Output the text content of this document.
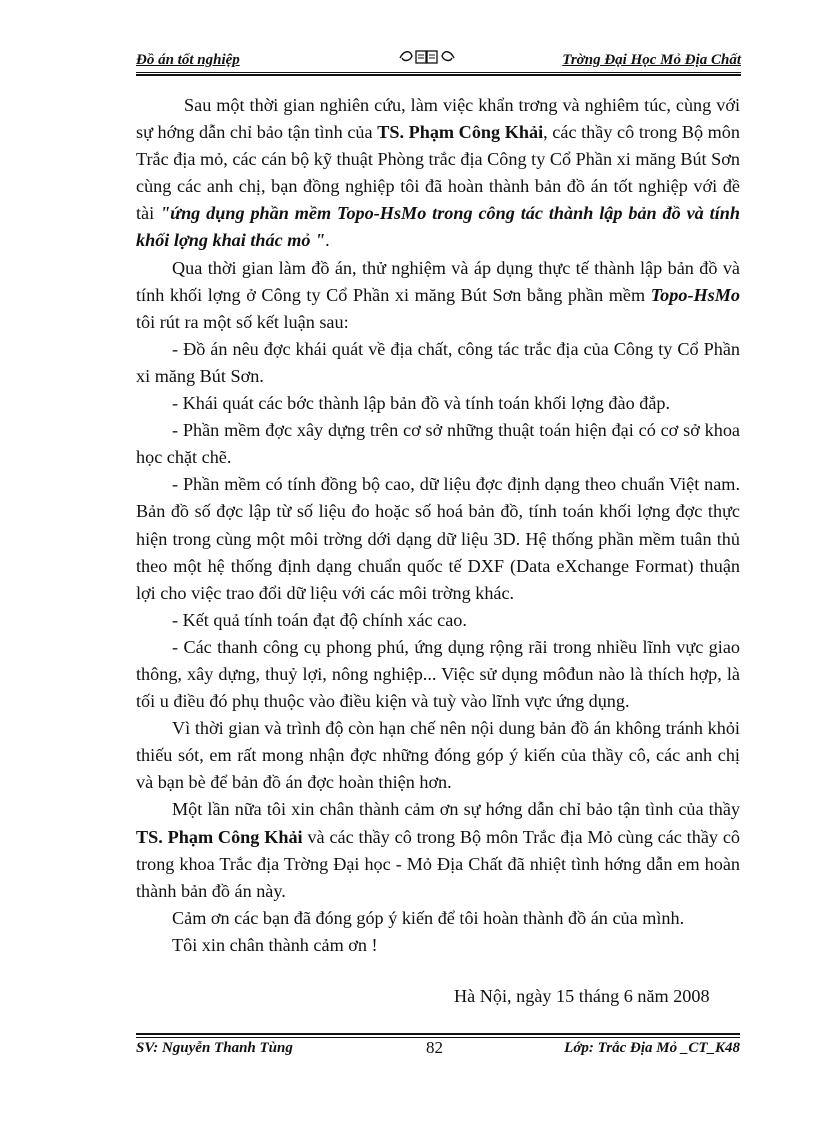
Đồ án tốt nghiệp	Trờng Đại Học Mỏ Địa Chất

Sau một thời gian nghiên cứu, làm việc khẩn trơng và nghiêm túc, cùng với sự hớng dẫn chỉ bảo tận tình của TS. Phạm Công Khải, các thầy cô trong Bộ môn Trắc địa mỏ, các cán bộ kỹ thuật Phòng trắc địa Công ty Cổ Phần xi măng Bút Sơn cùng các anh chị, bạn đồng nghiệp tôi đã hoàn thành bản đồ án tốt nghiệp với đề tài "ứng dụng phần mềm Topo-HsMo trong công tác thành lập bản đồ và tính khối lợng khai thác mỏ ".

Qua thời gian làm đồ án, thử nghiệm và áp dụng thực tế thành lập bản đồ và tính khối lợng ở Công ty Cổ Phần xi măng Bút Sơn bằng phần mềm Topo-HsMo tôi rút ra một số kết luận sau:

- Đồ án nêu đợc khái quát về địa chất, công tác trắc địa của Công ty Cổ Phần xi măng Bút Sơn.

- Khái quát các bớc thành lập bản đồ và tính toán khối lợng đào đắp.

- Phần mềm đợc xây dựng trên cơ sở những thuật toán hiện đại có cơ sở khoa học chặt chẽ.

- Phần mềm có tính đồng bộ cao, dữ liệu đợc định dạng theo chuẩn Việt nam. Bản đồ số đợc lập từ số liệu đo hoặc số hoá bản đồ, tính toán khối lợng đợc thực hiện trong cùng một môi trờng dới dạng dữ liệu 3D. Hệ thống phần mềm tuân thủ theo một hệ thống định dạng chuẩn quốc tế DXF (Data eXchange Format) thuận lợi cho việc trao đổi dữ liệu với các môi trờng khác.

- Kết quả tính toán đạt độ chính xác cao.

- Các thanh công cụ phong phú, ứng dụng rộng rãi trong nhiều lĩnh vực giao thông, xây dựng, thuỷ lợi, nông nghiệp... Việc sử dụng môđun nào là thích hợp, là tối u điều đó phụ thuộc vào điều kiện và tuỳ vào lĩnh vực ứng dụng.

Vì thời gian và trình độ còn hạn chế nên nội dung bản đồ án không tránh khỏi thiếu sót, em rất mong nhận đợc những đóng góp ý kiến của thầy cô, các anh chị và bạn bè để bản đồ án đợc hoàn thiện hơn.

Một lần nữa tôi xin chân thành cảm ơn sự hớng dẫn chỉ bảo tận tình của thầy TS. Phạm Công Khải và các thầy cô trong Bộ môn Trắc địa Mỏ cùng các thầy cô trong khoa Trắc địa Trờng Đại học - Mỏ Địa Chất đã nhiệt tình hớng dẫn em hoàn thành bản đồ án này.

Cảm ơn các bạn đã đóng góp ý kiến để tôi hoàn thành đồ án của mình.

Tôi xin chân thành cảm ơn !

Hà Nội, ngày 15 tháng 6 năm 2008
SV: Nguyễn Thanh Tùng	82	Lớp: Trắc Địa Mỏ _CT_K48
